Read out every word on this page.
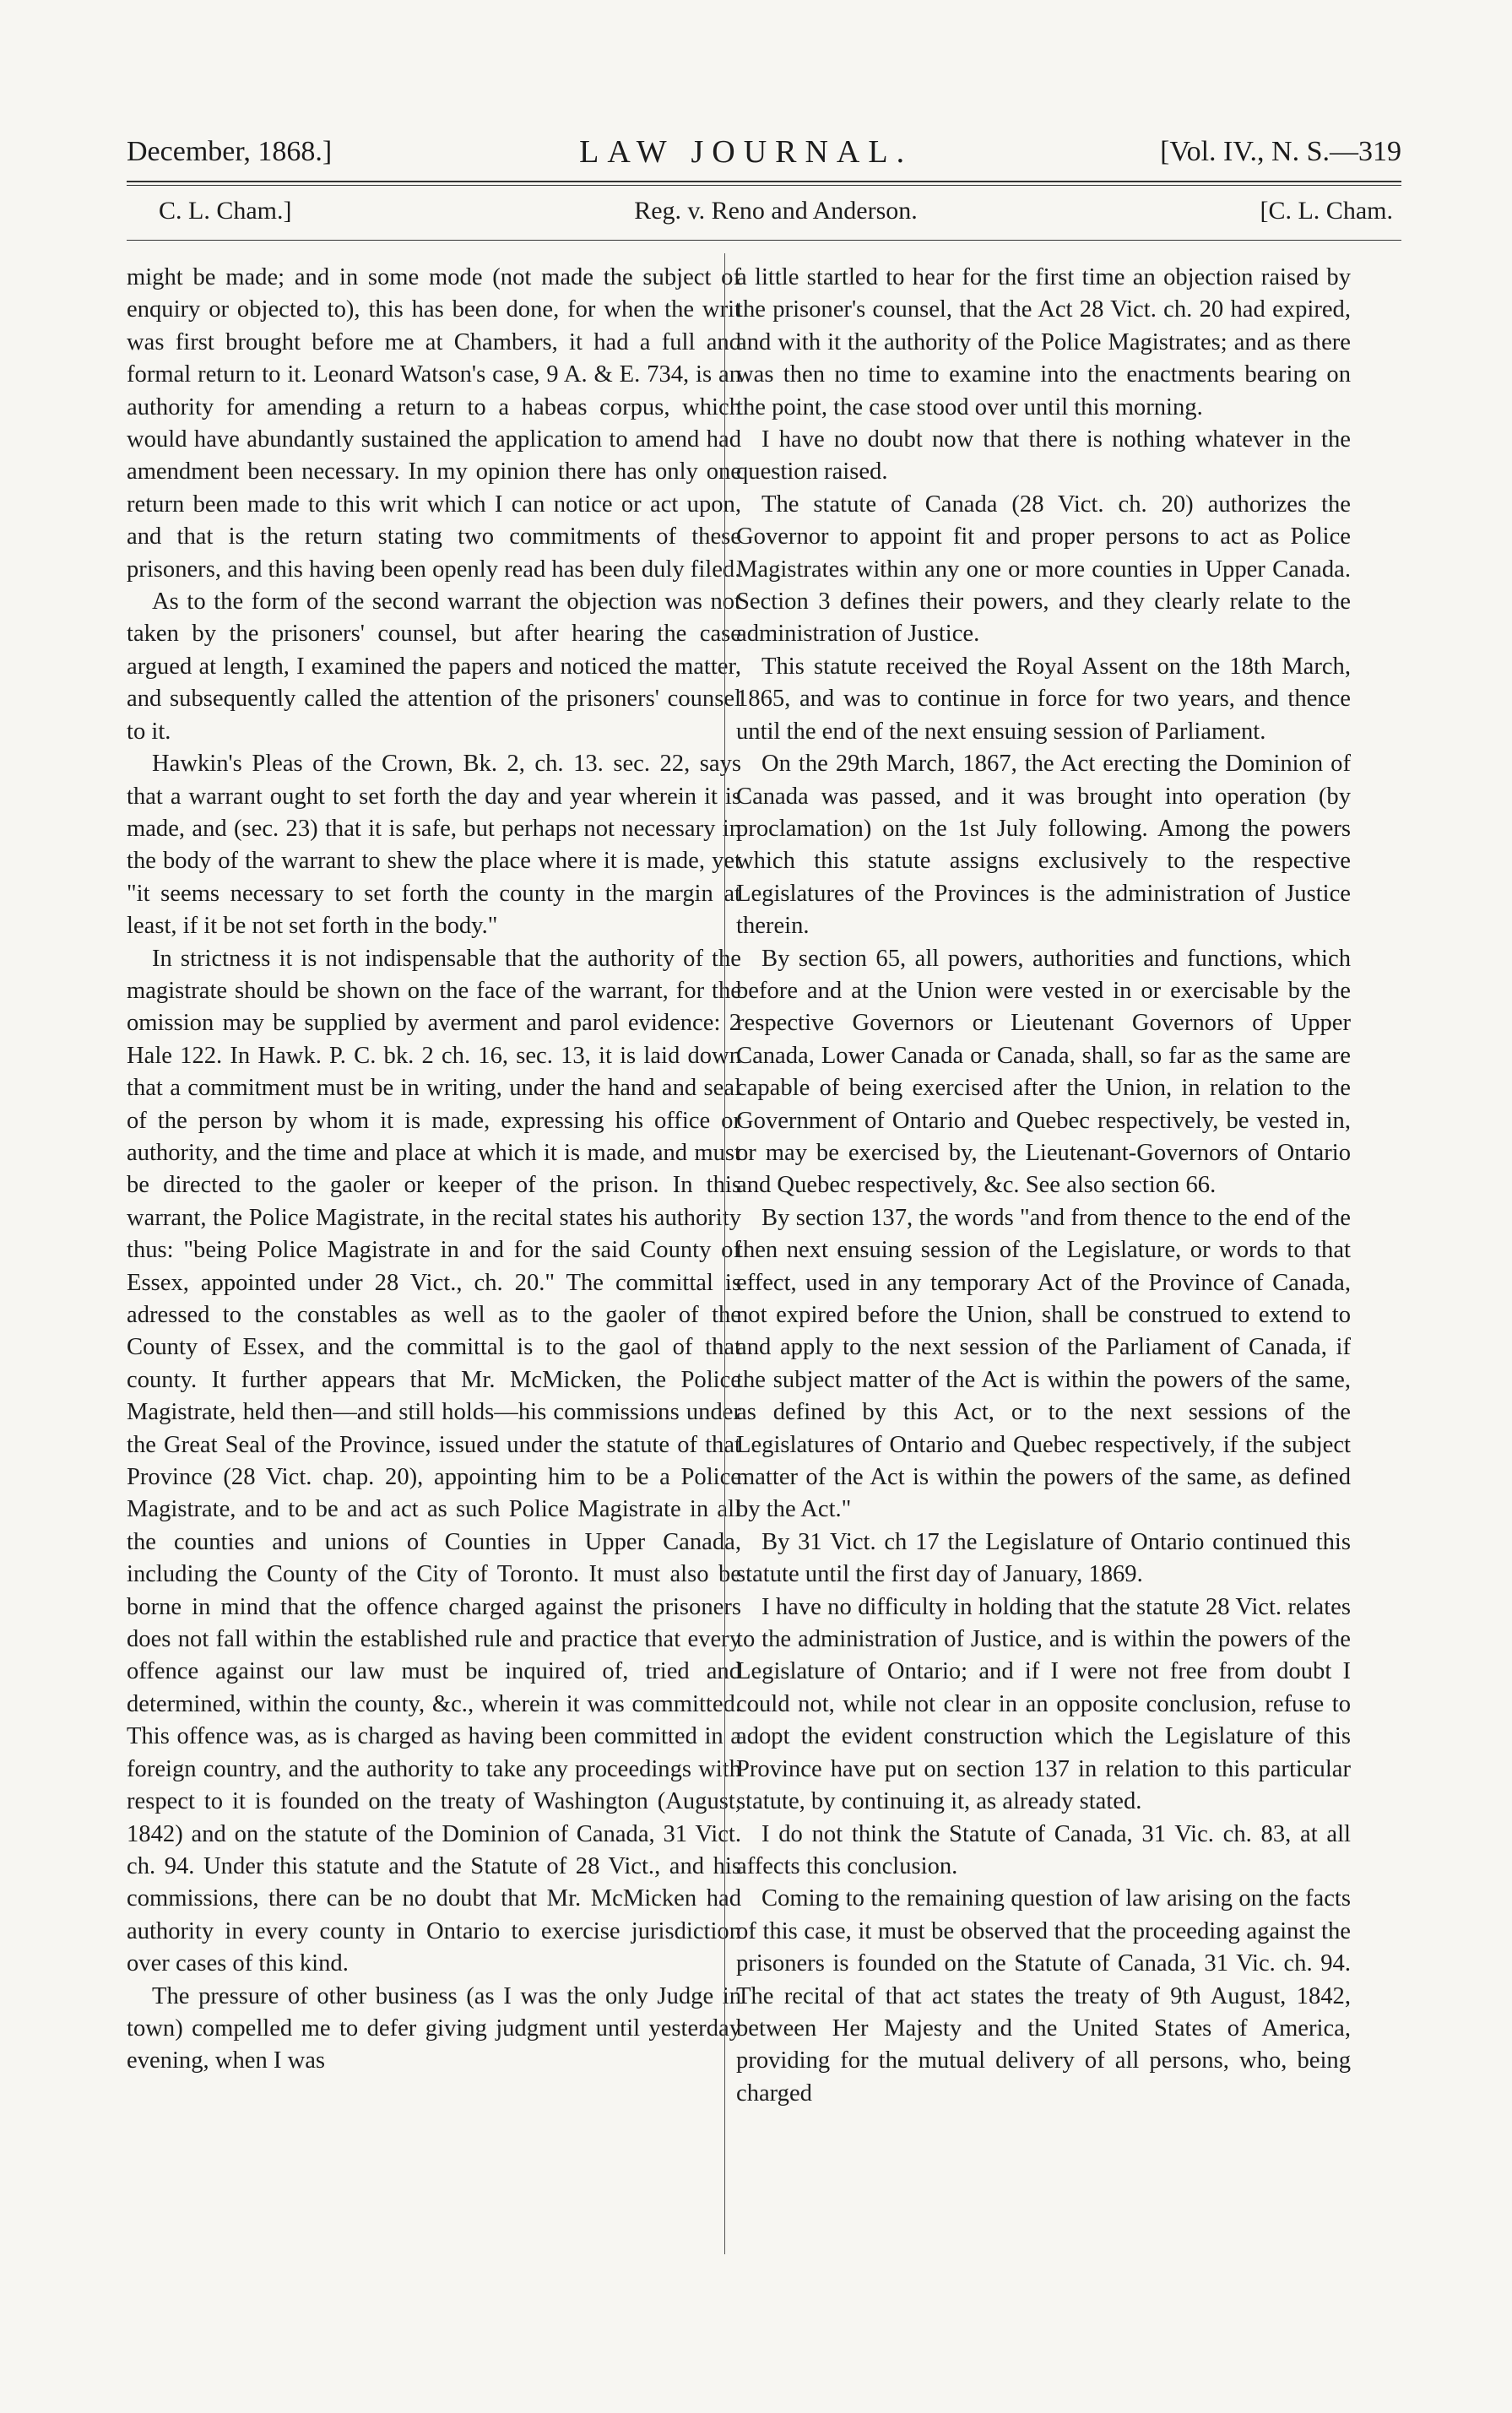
December, 1868.]	LAW JOURNAL.	[Vol. IV., N. S.—319
C. L. Cham.]	Reg. v. Reno and Anderson.	[C. L. Cham.

might be made; and in some mode (not made the subject of enquiry or objected to), this has been done, for when the writ was first brought before me at Chambers, it had a full and formal return to it. Leonard Watson's case, 9 A. & E. 734, is an authority for amending a return to a habeas corpus, which would have abundantly sustained the application to amend had amendment been necessary. In my opinion there has only one return been made to this writ which I can notice or act upon, and that is the return stating two commitments of these prisoners, and this having been openly read has been duly filed.

As to the form of the second warrant the objection was not taken by the prisoners' counsel, but after hearing the case argued at length, I examined the papers and noticed the matter, and subsequently called the attention of the prisoners' counsel to it.

Hawkin's Pleas of the Crown, Bk. 2, ch. 13. sec. 22, says that a warrant ought to set forth the day and year wherein it is made, and (sec. 23) that it is safe, but perhaps not necessary in the body of the warrant to shew the place where it is made, yet "it seems necessary to set forth the county in the margin at least, if it be not set forth in the body."

In strictness it is not indispensable that the authority of the magistrate should be shown on the face of the warrant, for the omission may be supplied by averment and parol evidence: 2 Hale 122. In Hawk. P. C. bk. 2 ch. 16, sec. 13, it is laid down that a commitment must be in writing, under the hand and seal of the person by whom it is made, expressing his office or authority, and the time and place at which it is made, and must be directed to the gaoler or keeper of the prison. In this warrant, the Police Magistrate, in the recital states his authority thus: "being Police Magistrate in and for the said County of Essex, appointed under 28 Vict., ch. 20." The committal is adressed to the constables as well as to the gaoler of the County of Essex, and the committal is to the gaol of that county. It further appears that Mr. McMicken, the Police Magistrate, held then—and still holds—his commissions under the Great Seal of the Province, issued under the statute of that Province (28 Vict. chap. 20), appointing him to be a Police Magistrate, and to be and act as such Police Magistrate in all the counties and unions of Counties in Upper Canada, including the County of the City of Toronto. It must also be borne in mind that the offence charged against the prisoners does not fall within the established rule and practice that every offence against our law must be inquired of, tried and determined, within the county, &c., wherein it was committed. This offence was, as is charged as having been committed in a foreign country, and the authority to take any proceedings with respect to it is founded on the treaty of Washington (August, 1842) and on the statute of the Dominion of Canada, 31 Vict. ch. 94. Under this statute and the Statute of 28 Vict., and his commissions, there can be no doubt that Mr. McMicken had authority in every county in Ontario to exercise jurisdiction over cases of this kind.

The pressure of other business (as I was the only Judge in town) compelled me to defer giving judgment until yesterday evening, when I was

a little startled to hear for the first time an objection raised by the prisoner's counsel, that the Act 28 Vict. ch. 20 had expired, and with it the authority of the Police Magistrates; and as there was then no time to examine into the enactments bearing on the point, the case stood over until this morning.

I have no doubt now that there is nothing whatever in the question raised.

The statute of Canada (28 Vict. ch. 20) authorizes the Governor to appoint fit and proper persons to act as Police Magistrates within any one or more counties in Upper Canada. Section 3 defines their powers, and they clearly relate to the administration of Justice.

This statute received the Royal Assent on the 18th March, 1865, and was to continue in force for two years, and thence until the end of the next ensuing session of Parliament.

On the 29th March, 1867, the Act erecting the Dominion of Canada was passed, and it was brought into operation (by proclamation) on the 1st July following. Among the powers which this statute assigns exclusively to the respective Legislatures of the Provinces is the administration of Justice therein.

By section 65, all powers, authorities and functions, which before and at the Union were vested in or exercisable by the respective Governors or Lieutenant Governors of Upper Canada, Lower Canada or Canada, shall, so far as the same are capable of being exercised after the Union, in relation to the Government of Ontario and Quebec respectively, be vested in, or may be exercised by, the Lieutenant-Governors of Ontario and Quebec respectively, &c. See also section 66.

By section 137, the words "and from thence to the end of the then next ensuing session of the Legislature, or words to that effect, used in any temporary Act of the Province of Canada, not expired before the Union, shall be construed to extend to and apply to the next session of the Parliament of Canada, if the subject matter of the Act is within the powers of the same, as defined by this Act, or to the next sessions of the Legislatures of Ontario and Quebec respectively, if the subject matter of the Act is within the powers of the same, as defined by the Act."

By 31 Vict. ch 17 the Legislature of Ontario continued this statute until the first day of January, 1869.

I have no difficulty in holding that the statute 28 Vict. relates to the administration of Justice, and is within the powers of the Legislature of Ontario; and if I were not free from doubt I could not, while not clear in an opposite conclusion, refuse to adopt the evident construction which the Legislature of this Province have put on section 137 in relation to this particular statute, by continuing it, as already stated.

I do not think the Statute of Canada, 31 Vic. ch. 83, at all affects this conclusion.

Coming to the remaining question of law arising on the facts of this case, it must be observed that the proceeding against the prisoners is founded on the Statute of Canada, 31 Vic. ch. 94. The recital of that act states the treaty of 9th August, 1842, between Her Majesty and the United States of America, providing for the mutual delivery of all persons, who, being charged
